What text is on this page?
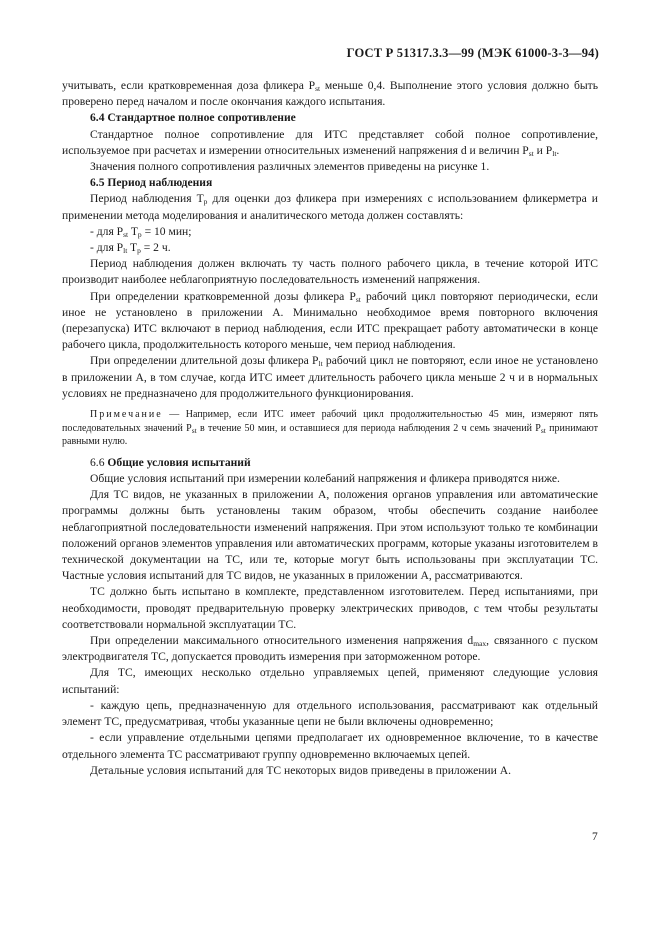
ГОСТ Р 51317.3.3—99 (МЭК 61000-3-3—94)

учитывать, если кратковременная доза фликера $P_{st}$ меньше 0,4. Выполнение этого условия должно быть проверено перед началом и после окончания каждого испытания.

6.4 Стандартное полное сопротивление

Стандартное полное сопротивление для ИТС представляет собой полное сопротивление, используемое при расчетах и измерении относительных изменений напряжения d и величин $P_{st}$ и $P_{lt}$.

Значения полного сопротивления различных элементов приведены на рисунке 1.

6.5 Период наблюдения

Период наблюдения $T_p$ для оценки доз фликера при измерениях с использованием фликерметра и применении метода моделирования и аналитического метода должен составлять:

- для $P_{st}$ $T_p = 10$ мин;

- для $P_{lt}$ $T_p = 2$ ч.

Период наблюдения должен включать ту часть полного рабочего цикла, в течение которой ИТС производит наиболее неблагоприятную последовательность изменений напряжения.

При определении кратковременной дозы фликера $P_{st}$ рабочий цикл повторяют периодически, если иное не установлено в приложении А. Минимально необходимое время повторного включения (перезапуска) ИТС включают в период наблюдения, если ИТС прекращает работу автоматически в конце рабочего цикла, продолжительность которого меньше, чем период наблюдения.

При определении длительной дозы фликера $P_{lt}$ рабочий цикл не повторяют, если иное не установлено в приложении А, в том случае, когда ИТС имеет длительность рабочего цикла меньше 2 ч и в нормальных условиях не предназначено для продолжительного функционирования.

Примечание — Например, если ИТС имеет рабочий цикл продолжительностью 45 мин, измеряют пять последовательных значений $P_{st}$ в течение 50 мин, и оставшиеся для периода наблюдения 2 ч семь значений $P_{st}$ принимают равными нулю.

6.6 Общие условия испытаний

Общие условия испытаний при измерении колебаний напряжения и фликера приводятся ниже.

Для ТС видов, не указанных в приложении А, положения органов управления или автоматические программы должны быть установлены таким образом, чтобы обеспечить создание наиболее неблагоприятной последовательности изменений напряжения. При этом используют только те комбинации положений органов элементов управления или автоматических программ, которые указаны изготовителем в технической документации на ТС, или те, которые могут быть использованы при эксплуатации ТС. Частные условия испытаний для ТС видов, не указанных в приложении А, рассматриваются.

ТС должно быть испытано в комплекте, представленном изготовителем. Перед испытаниями, при необходимости, проводят предварительную проверку электрических приводов, с тем чтобы результаты соответствовали нормальной эксплуатации ТС.

При определении максимального относительного изменения напряжения $d_{max}$, связанного с пуском электродвигателя ТС, допускается проводить измерения при заторможенном роторе.

Для ТС, имеющих несколько отдельно управляемых цепей, применяют следующие условия испытаний:

- каждую цепь, предназначенную для отдельного использования, рассматривают как отдельный элемент ТС, предусматривая, чтобы указанные цепи не были включены одновременно;

- если управление отдельными цепями предполагает их одновременное включение, то в качестве отдельного элемента ТС рассматривают группу одновременно включаемых цепей.

Детальные условия испытаний для ТС некоторых видов приведены в приложении А.

7
